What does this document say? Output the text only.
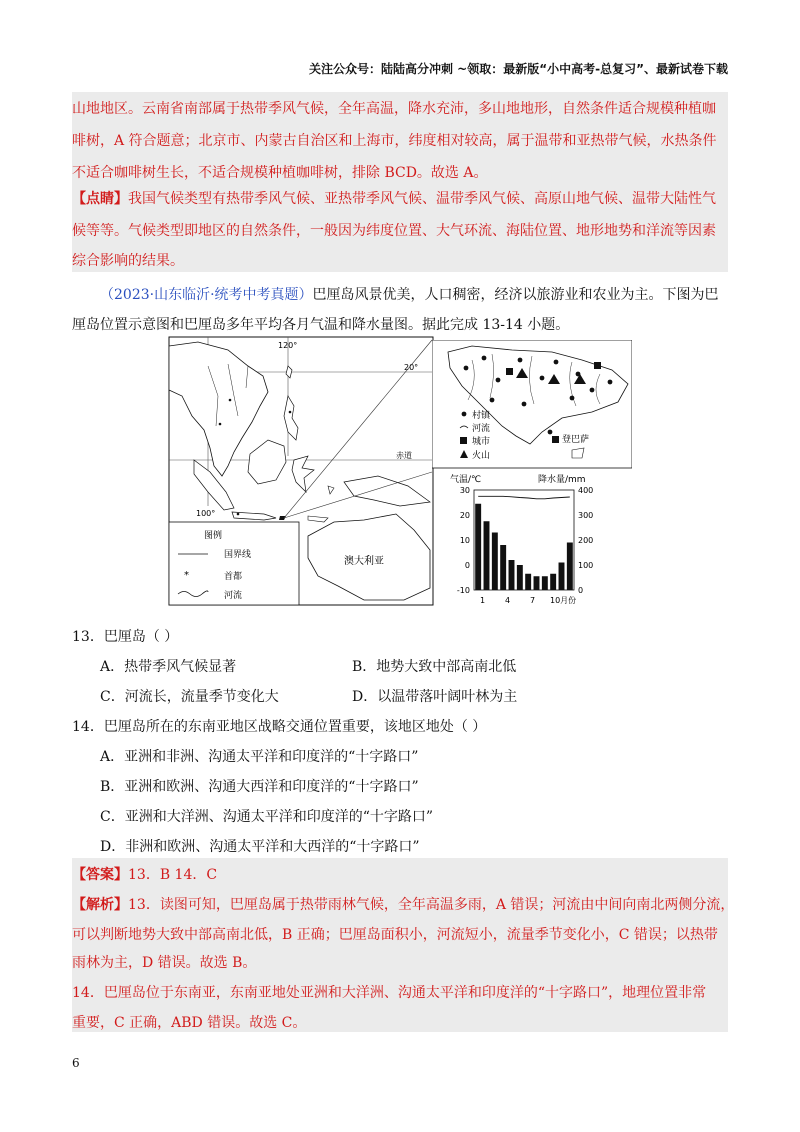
关注公众号：陆陆高分冲刺 ~领取：最新版“小中高考-总复习”、最新试卷下载
山地地区。云南省南部属于热带季风气候，全年高温，降水充沛，多山地地形，自然条件适合规模种植咖
啡树，A 符合题意；北京市、内蒙古自治区和上海市，纬度相对较高，属于温带和亚热带气候，水热条件
不适合咖啡树生长，不适合规模种植咖啡树，排除 BCD。故选 A。
【点睛】我国气候类型有热带季风气候、亚热带季风气候、温带季风气候、高原山地气候、温带大陆性气
候等等。气候类型即地区的自然条件，一般因为纬度位置、大气环流、海陆位置、地形地势和洋流等因素
综合影响的结果。
（2023·山东临沂·统考中考真题）巴厘岛风景优美，人口稠密，经济以旅游业和农业为主。下图为巴
厘岛位置示意图和巴厘岛多年平均各月气温和降水量图。据此完成 13-14 小题。
120°
20°
100°
赤道
澳大利亚
图例
国界线
*	首都
河流
村镇
河流
城市
火山
登巴萨
气温/℃	降水量/mm
30
20
10
0
-10
400
300
200
100
0
1 4 7 10月份
13．巴厘岛（ ）
A．热带季风气候显著	B．地势大致中部高南北低
C．河流长，流量季节变化大	D．以温带落叶阔叶林为主
14．巴厘岛所在的东南亚地区战略交通位置重要，该地区地处（ ）
A．亚洲和非洲、沟通太平洋和印度洋的“十字路口”
B．亚洲和欧洲、沟通大西洋和印度洋的“十字路口”
C．亚洲和大洋洲、沟通太平洋和印度洋的“十字路口”
D．非洲和欧洲、沟通太平洋和大西洋的“十字路口”
【答案】13．B 14．C
【解析】13．读图可知，巴厘岛属于热带雨林气候，全年高温多雨，A 错误；河流由中间向南北两侧分流，
可以判断地势大致中部高南北低，B 正确；巴厘岛面积小，河流短小，流量季节变化小，C 错误；以热带
雨林为主，D 错误。故选 B。
14．巴厘岛位于东南亚，东南亚地处亚洲和大洋洲、沟通太平洋和印度洋的“十字路口”，地理位置非常
重要，C 正确，ABD 错误。故选 C。
6
